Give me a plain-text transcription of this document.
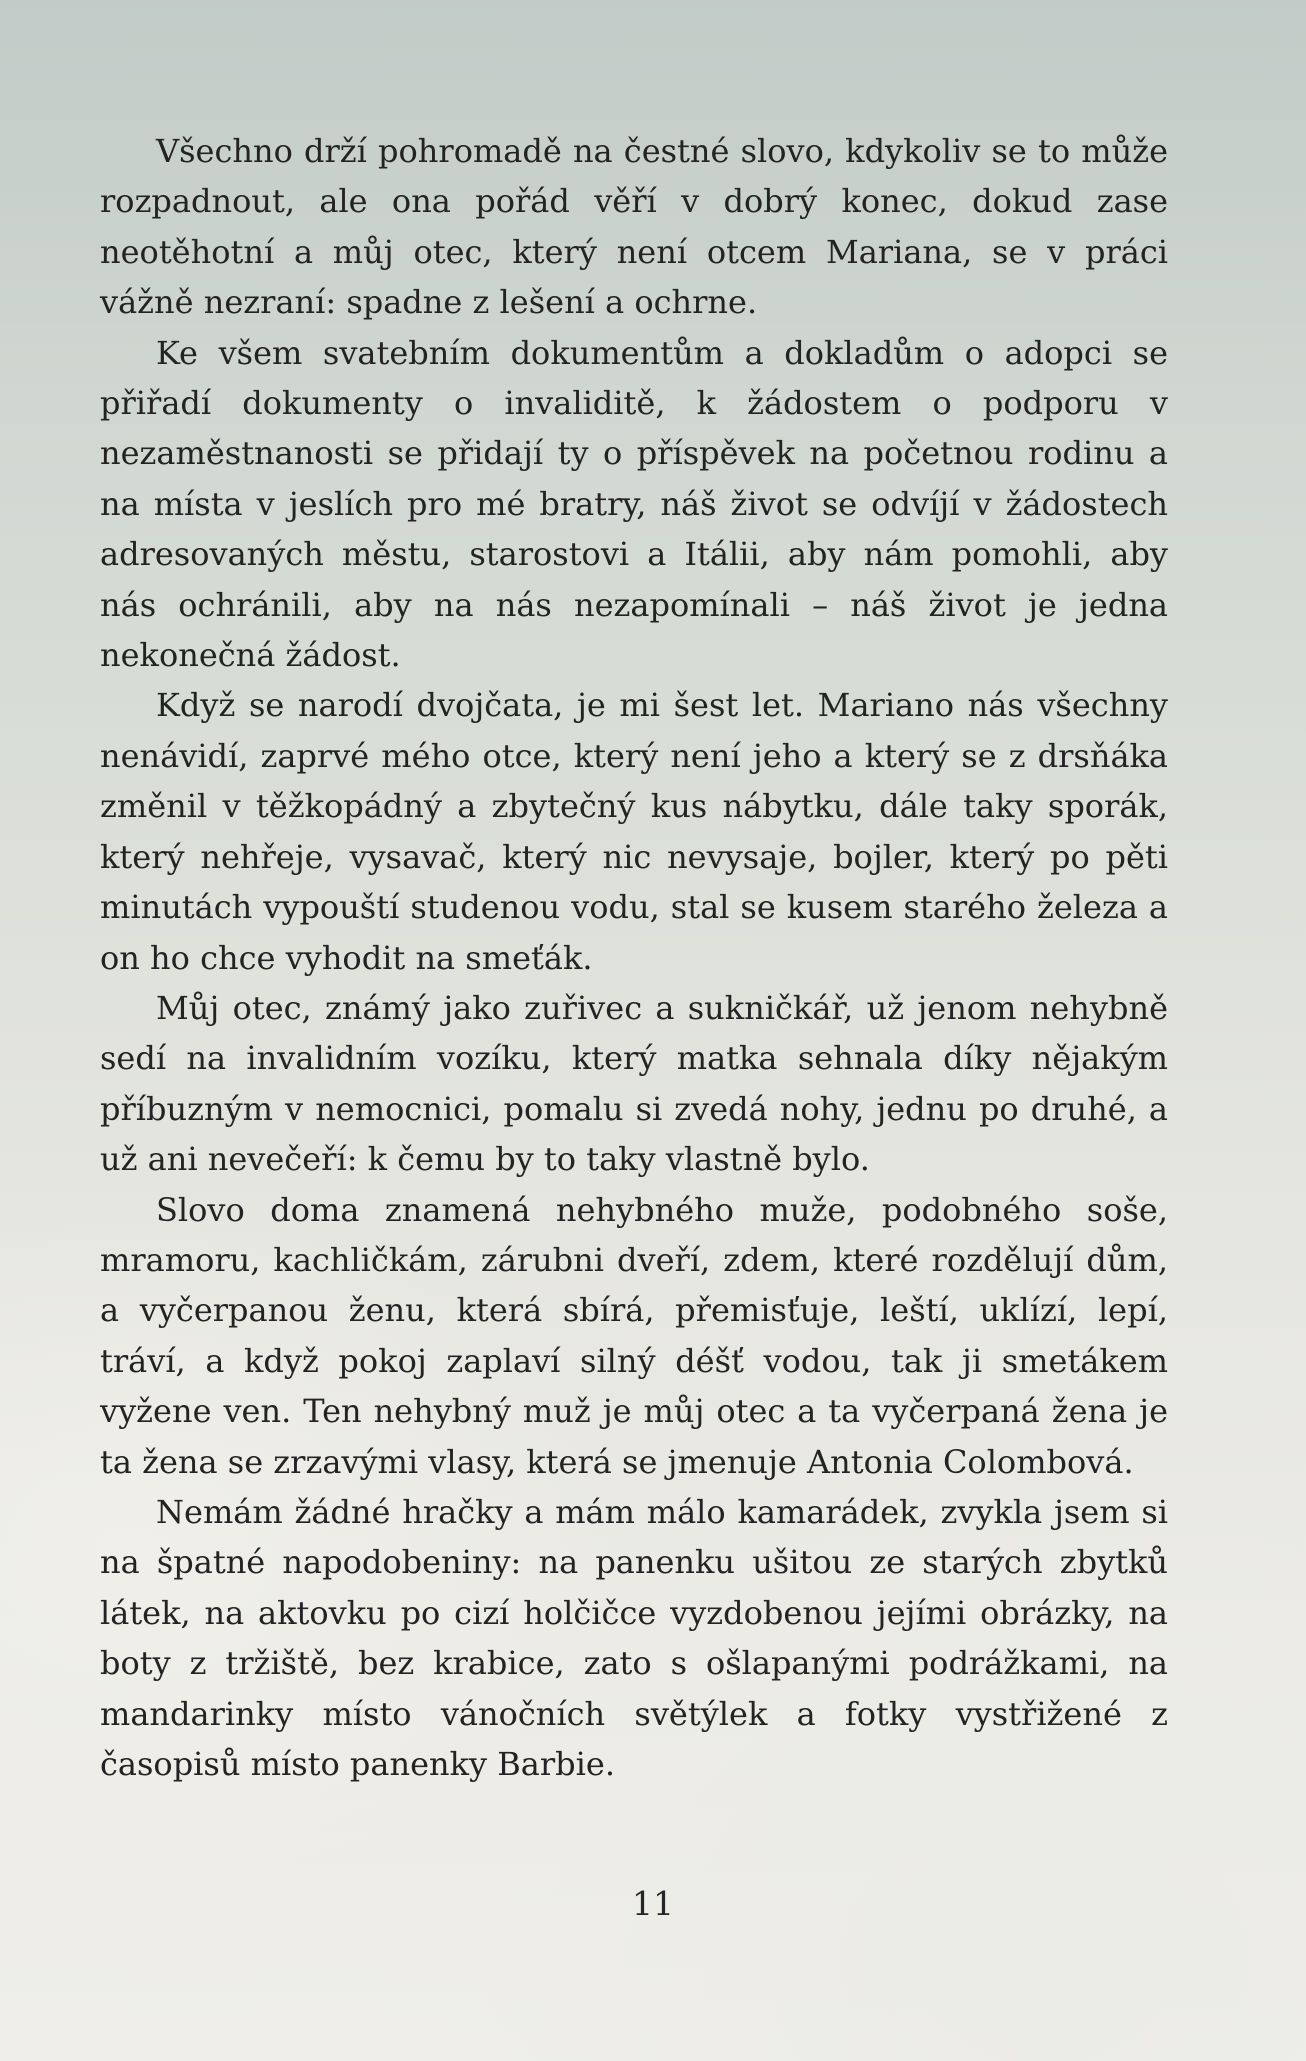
Všechno drží pohromadě na čestné slovo, kdykoliv se to může rozpadnout, ale ona pořád věří v dobrý konec, dokud zase neotěhotní a můj otec, který není otcem Mariana, se v práci vážně nezraní: spadne z lešení a ochrne.

Ke všem svatebním dokumentům a dokladům o adopci se přiřadí dokumenty o invaliditě, k žádostem o podporu v nezaměstnanosti se přidají ty o příspěvek na početnou rodinu a na místa v jeslích pro mé bratry, náš život se odvíjí v žádostech adresovaných městu, starostovi a Itálii, aby nám pomohli, aby nás ochránili, aby na nás nezapomínali – náš život je jedna nekonečná žádost.

Když se narodí dvojčata, je mi šest let. Mariano nás všechny nenávidí, zaprvé mého otce, který není jeho a který se z drsňáka změnil v těžkopádný a zbytečný kus nábytku, dále taky sporák, který nehřeje, vysavač, který nic nevysaje, bojler, který po pěti minutách vypouští studenou vodu, stal se kusem starého železa a on ho chce vyhodit na smeťák.

Můj otec, známý jako zuřivec a sukničkář, už jenom nehybně sedí na invalidním vozíku, který matka sehnala díky nějakým příbuzným v nemocnici, pomalu si zvedá nohy, jednu po druhé, a už ani nevečeří: k čemu by to taky vlastně bylo.

Slovo doma znamená nehybného muže, podobného soše, mramoru, kachličkám, zárubni dveří, zdem, které rozdělují dům, a vyčerpanou ženu, která sbírá, přemisťuje, leští, uklízí, lepí, tráví, a když pokoj zaplaví silný déšť vodou, tak ji smetákem vyžene ven. Ten nehybný muž je můj otec a ta vyčerpaná žena je ta žena se zrzavými vlasy, která se jmenuje Antonia Colombová.

Nemám žádné hračky a mám málo kamarádek, zvykla jsem si na špatné napodobeniny: na panenku ušitou ze starých zbytků látek, na aktovku po cizí holčičce vyzdobenou jejími obrázky, na boty z tržiště, bez krabice, zato s ošlapanými podrážkami, na mandarinky místo vánočních světýlek a fotky vystřižené z časopisů místo panenky Barbie.

11
